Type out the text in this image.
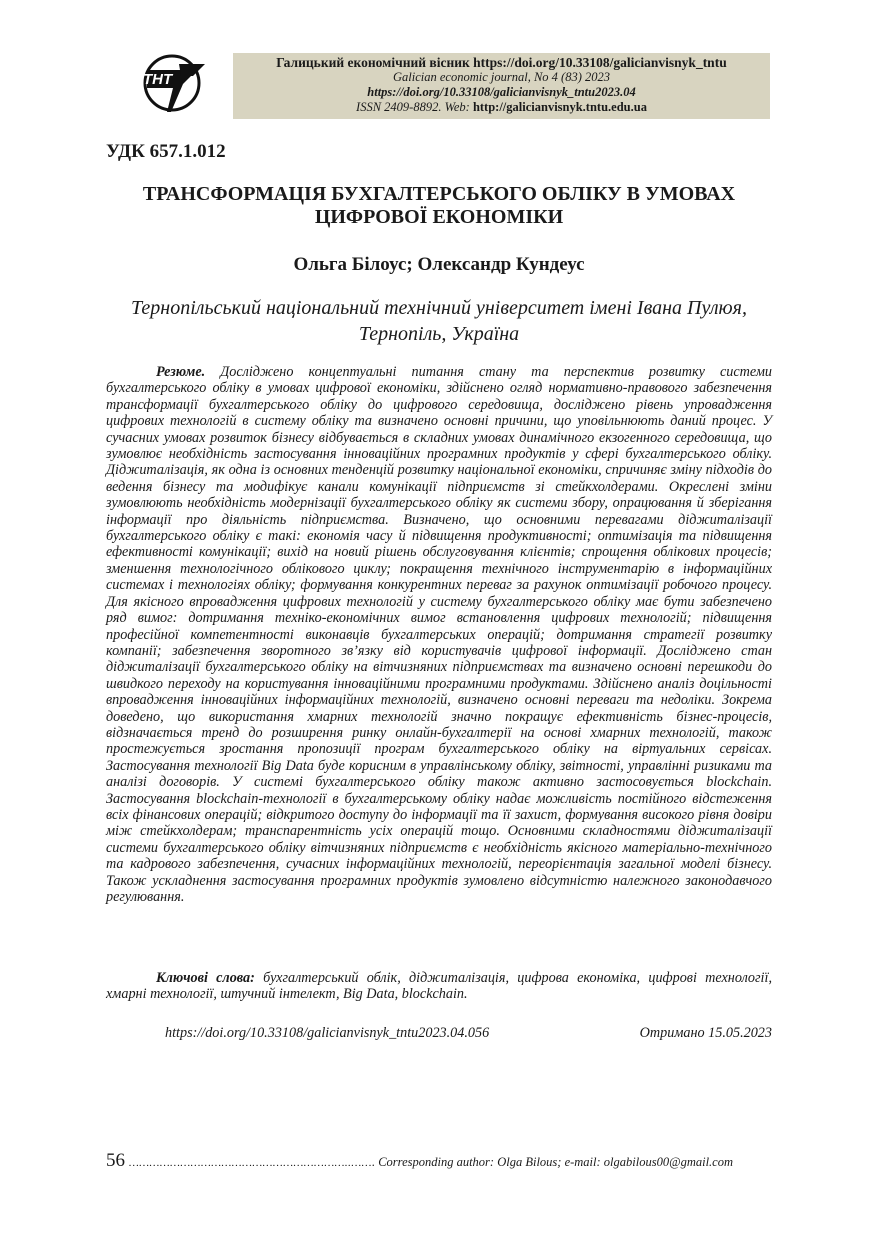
ТНТ
Галицький економічний вісник https://doi.org/10.33108/galicianvisnyk_tntu
Galician economic journal, No 4 (83) 2023
https://doi.org/10.33108/galicianvisnyk_tntu2023.04
ISSN 2409-8892. Web: http://galicianvisnyk.tntu.edu.ua
УДК 657.1.012
ТРАНСФОРМАЦІЯ БУХГАЛТЕРСЬКОГО ОБЛІКУ В УМОВАХ ЦИФРОВОЇ ЕКОНОМІКИ
Ольга Білоус; Олександр Кундеус
Тернопільський національний технічний університет імені Івана Пулюя,
Тернопіль, Україна
Резюме. Досліджено концептуальні питання стану та перспектив розвитку системи бухгалтерського обліку в умовах цифрової економіки, здійснено огляд нормативно-правового забезпечення трансформації бухгалтерського обліку до цифрового середовища, досліджено рівень упровадження цифрових технологій в систему обліку та визначено основні причини, що уповільнюють даний процес. У сучасних умовах розвиток бізнесу відбувається в складних умовах динамічного екзогенного середовища, що зумовлює необхідність застосування інноваційних програмних продуктів у сфері бухгалтерського обліку. Діджиталізація, як одна із основних тенденцій розвитку національної економіки, спричиняє зміну підходів до ведення бізнесу та модифікує канали комунікації підприємств зі стейкхолдерами. Окреслені зміни зумовлюють необхідність модернізації бухгалтерського обліку як системи збору, опрацювання й зберігання інформації про діяльність підприємства. Визначено, що основними перевагами діджиталізації бухгалтерського обліку є такі: економія часу й підвищення продуктивності; оптимізація та підвищення ефективності комунікації; вихід на новий рішень обслуговування клієнтів; спрощення облікових процесів; зменшення технологічного облікового циклу; покращення технічного інструментарію в інформаційних системах і технологіях обліку; формування конкурентних переваг за рахунок оптимізації робочого процесу. Для якісного впровадження цифрових технологій у систему бухгалтерського обліку має бути забезпечено ряд вимог: дотримання техніко-економічних вимог встановлення цифрових технологій; підвищення професійної компетентності виконавців бухгалтерських операцій; дотримання стратегії розвитку компанії; забезпечення зворотного зв’язку від користувачів цифрової інформації. Досліджено стан діджиталізації бухгалтерського обліку на вітчизняних підприємствах та визначено основні перешкоди до швидкого переходу на користування інноваційними програмними продуктами. Здійснено аналіз доцільності впровадження інноваційних інформаційних технологій, визначено основні переваги та недоліки. Зокрема доведено, що використання хмарних технологій значно покращує ефективність бізнес-процесів, відзначається тренд до розширення ринку онлайн-бухгалтерії на основі хмарних технологій, також простежується зростання пропозиції програм бухгалтерського обліку на віртуальних сервісах. Застосування технології Big Data буде корисним в управлінському обліку, звітності, управлінні ризиками та аналізі договорів. У системі бухгалтерського обліку також активно застосовується blockchain. Застосування blockchain-технології в бухгалтерському обліку надає можливість постійного відстеження всіх фінансових операцій; відкритого доступу до інформації та її захист, формування високого рівня довіри між стейкхолдерам; транспарентність усіх операцій тощо. Основними складностями діджиталізації системи бухгалтерського обліку вітчизняних підприємств є необхідність якісного матеріально-технічного та кадрового забезпечення, сучасних інформаційних технологій, переорієнтація загальної моделі бізнесу. Також ускладнення застосування програмних продуктів зумовлено відсутністю належного законодавчого регулювання.
Ключові слова: бухгалтерський облік, діджиталізація, цифрова економіка, цифрові технології, хмарні технології, штучний інтелект, Big Data, blockchain.
https://doi.org/10.33108/galicianvisnyk_tntu2023.04.056	Отримано 15.05.2023
56 ………………………………………………………..……. Corresponding author: Olga Bilous; e-mail: olgabilous00@gmail.com
